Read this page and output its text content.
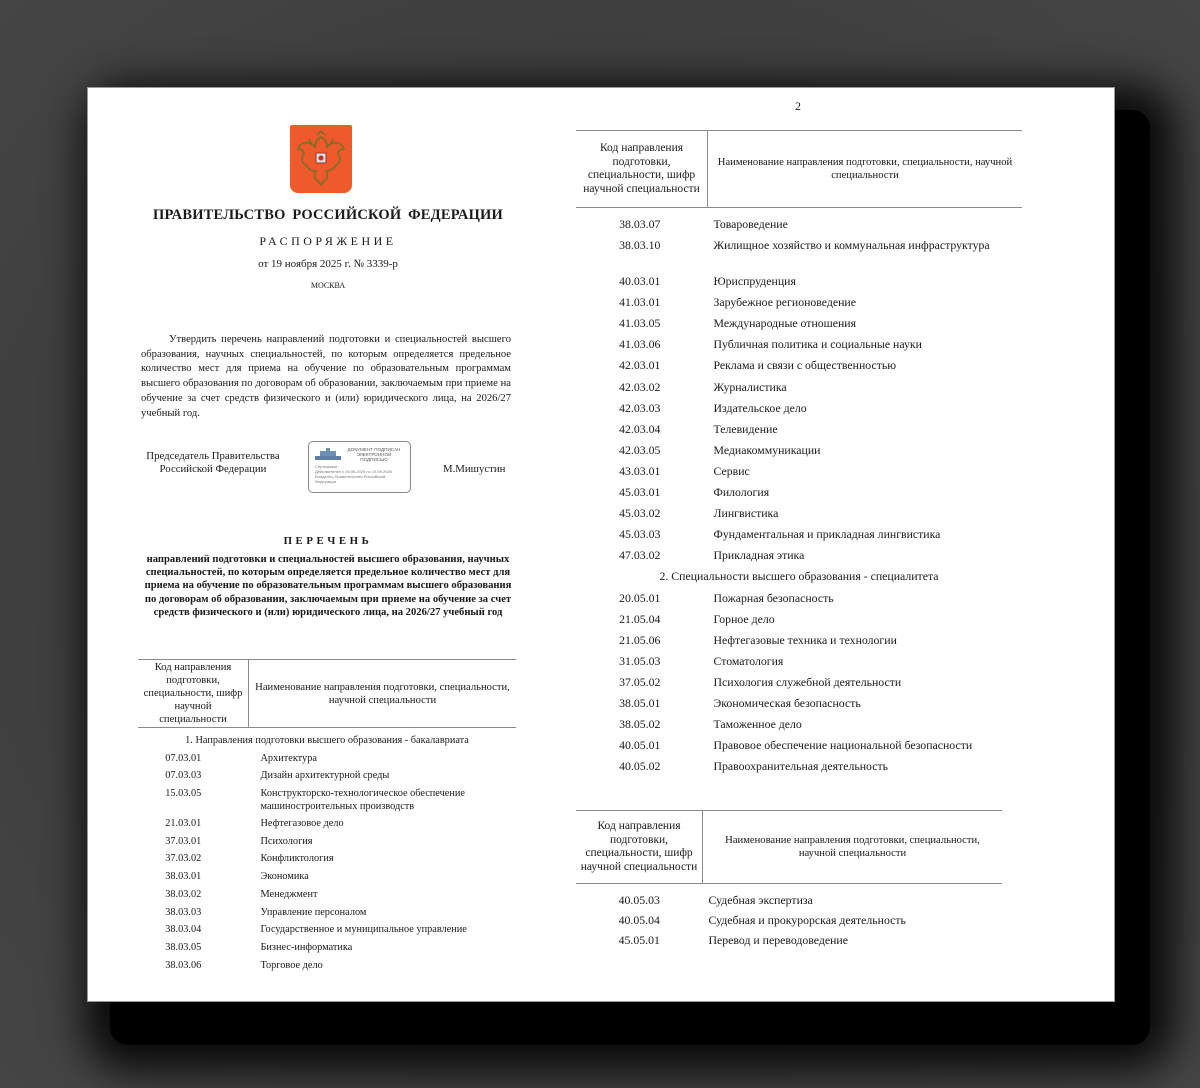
ПРАВИТЕЛЬСТВО РОССИЙСКОЙ ФЕДЕРАЦИИ
РАСПОРЯЖЕНИЕ
от 19 ноября 2025 г. № 3339-р
МОСКВА

Утвердить перечень направлений подготовки и специальностей высшего образования, научных специальностей, по которым определяется предельное количество мест для приема на обучение по образовательным программам высшего образования по договорам об образовании, заключаемым при приеме на обучение за счет средств физического и (или) юридического лица, на 2026/27 учебный год.

Председатель Правительства Российской Федерации
ДОКУМЕНТ ПОДПИСАН ЭЛЕКТРОННОЙ ПОДПИСЬЮ
Сертификат
Действителен с 26.06.2025 по 19.09.2026
Владелец Правительство Российской Федерации
М.Мишустин
ПЕРЕЧЕНЬ
направлений подготовки и специальностей высшего образования, научных специальностей, по которым определяется предельное количество мест для приема на обучение по образовательным программам высшего образования по договорам об образовании, заключаемым при приеме на обучение за счет средств физического и (или) юридического лица, на 2026/27 учебный год
Код направления подготовки, специальности, шифр научной специальности	Наименование направления подготовки, специальности, научной специальности
1. Направления подготовки высшего образования - бакалавриата	
07.03.01	Архитектура
07.03.03	Дизайн архитектурной среды
15.03.05	Конструкторско-технологическое обеспечение машиностроительных производств
21.03.01	Нефтегазовое дело
37.03.01	Психология
37.03.02	Конфликтология
38.03.01	Экономика
38.03.02	Менеджмент
38.03.03	Управление персоналом
38.03.04	Государственное и муниципальное управление
38.03.05	Бизнес-информатика
38.03.06	Торговое дело
2
Код направления подготовки, специальности, шифр научной специальности	Наименование направления подготовки, специальности, научной специальности
38.03.07	Товароведение
38.03.10	Жилищное хозяйство и коммунальная инфраструктура
40.03.01	Юриспруденция
41.03.01	Зарубежное регионоведение
41.03.05	Международные отношения
41.03.06	Публичная политика и социальные науки
42.03.01	Реклама и связи с общественностью
42.03.02	Журналистика
42.03.03	Издательское дело
42.03.04	Телевидение
42.03.05	Медиакоммуникации
43.03.01	Сервис
45.03.01	Филология
45.03.02	Лингвистика
45.03.03	Фундаментальная и прикладная лингвистика
47.03.02	Прикладная этика
2. Специальности высшего образования - специалитета	
20.05.01	Пожарная безопасность
21.05.04	Горное дело
21.05.06	Нефтегазовые техника и технологии
31.05.03	Стоматология
37.05.02	Психология служебной деятельности
38.05.01	Экономическая безопасность
38.05.02	Таможенное дело
40.05.01	Правовое обеспечение национальной безопасности
40.05.02	Правоохранительная деятельность
Код направления подготовки, специальности, шифр научной специальности	Наименование направления подготовки, специальности, научной специальности
40.05.03	Судебная экспертиза
40.05.04	Судебная и прокурорская деятельность
45.05.01	Перевод и переводоведение
